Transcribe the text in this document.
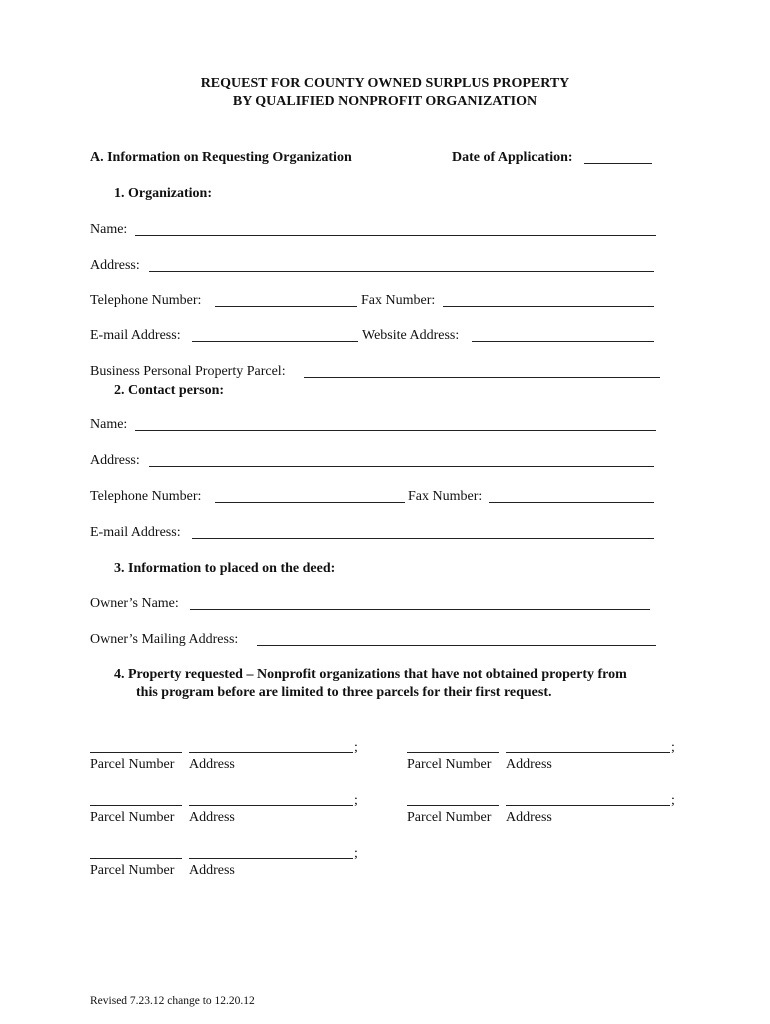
REQUEST FOR COUNTY OWNED SURPLUS PROPERTY
BY QUALIFIED NONPROFIT ORGANIZATION
A. Information on Requesting Organization	Date of Application:
1. Organization:
Name:
Address:
Telephone Number:	Fax Number:
E-mail Address:	Website Address:
Business Personal Property Parcel:
2. Contact person:
Name:
Address:
Telephone Number:	Fax Number:
E-mail Address:
3. Information to placed on the deed:
Owner’s Name:
Owner’s Mailing Address:
4. Property requested – Nonprofit organizations that have not obtained property from
this program before are limited to three parcels for their first request.
;
Parcel Number Address
;
Parcel Number Address
;
Parcel Number Address
;
Parcel Number Address
;
Parcel Number Address
Revised 7.23.12 change to 12.20.12
